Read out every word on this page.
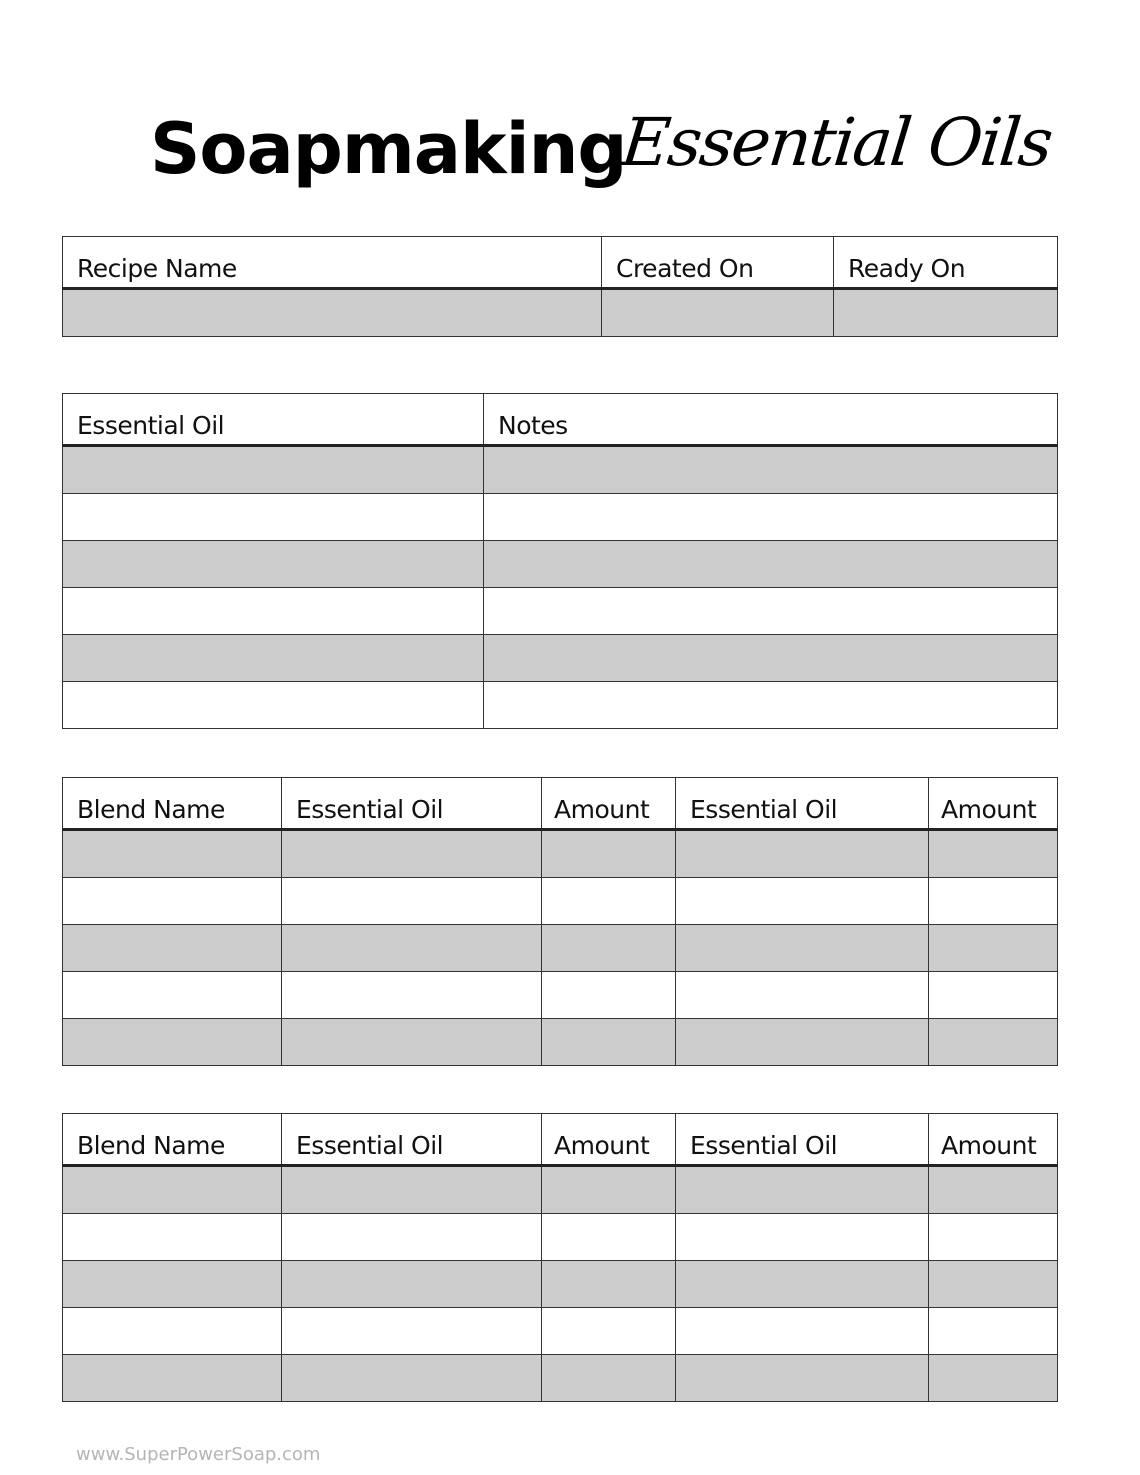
Soapmaking
Essential Oils
Recipe Name	Created On	Ready On

Essential Oil	Notes

Blend Name	Essential Oil	Amount	Essential Oil	Amount

Blend Name	Essential Oil	Amount	Essential Oil	Amount

www.SuperPowerSoap.com
